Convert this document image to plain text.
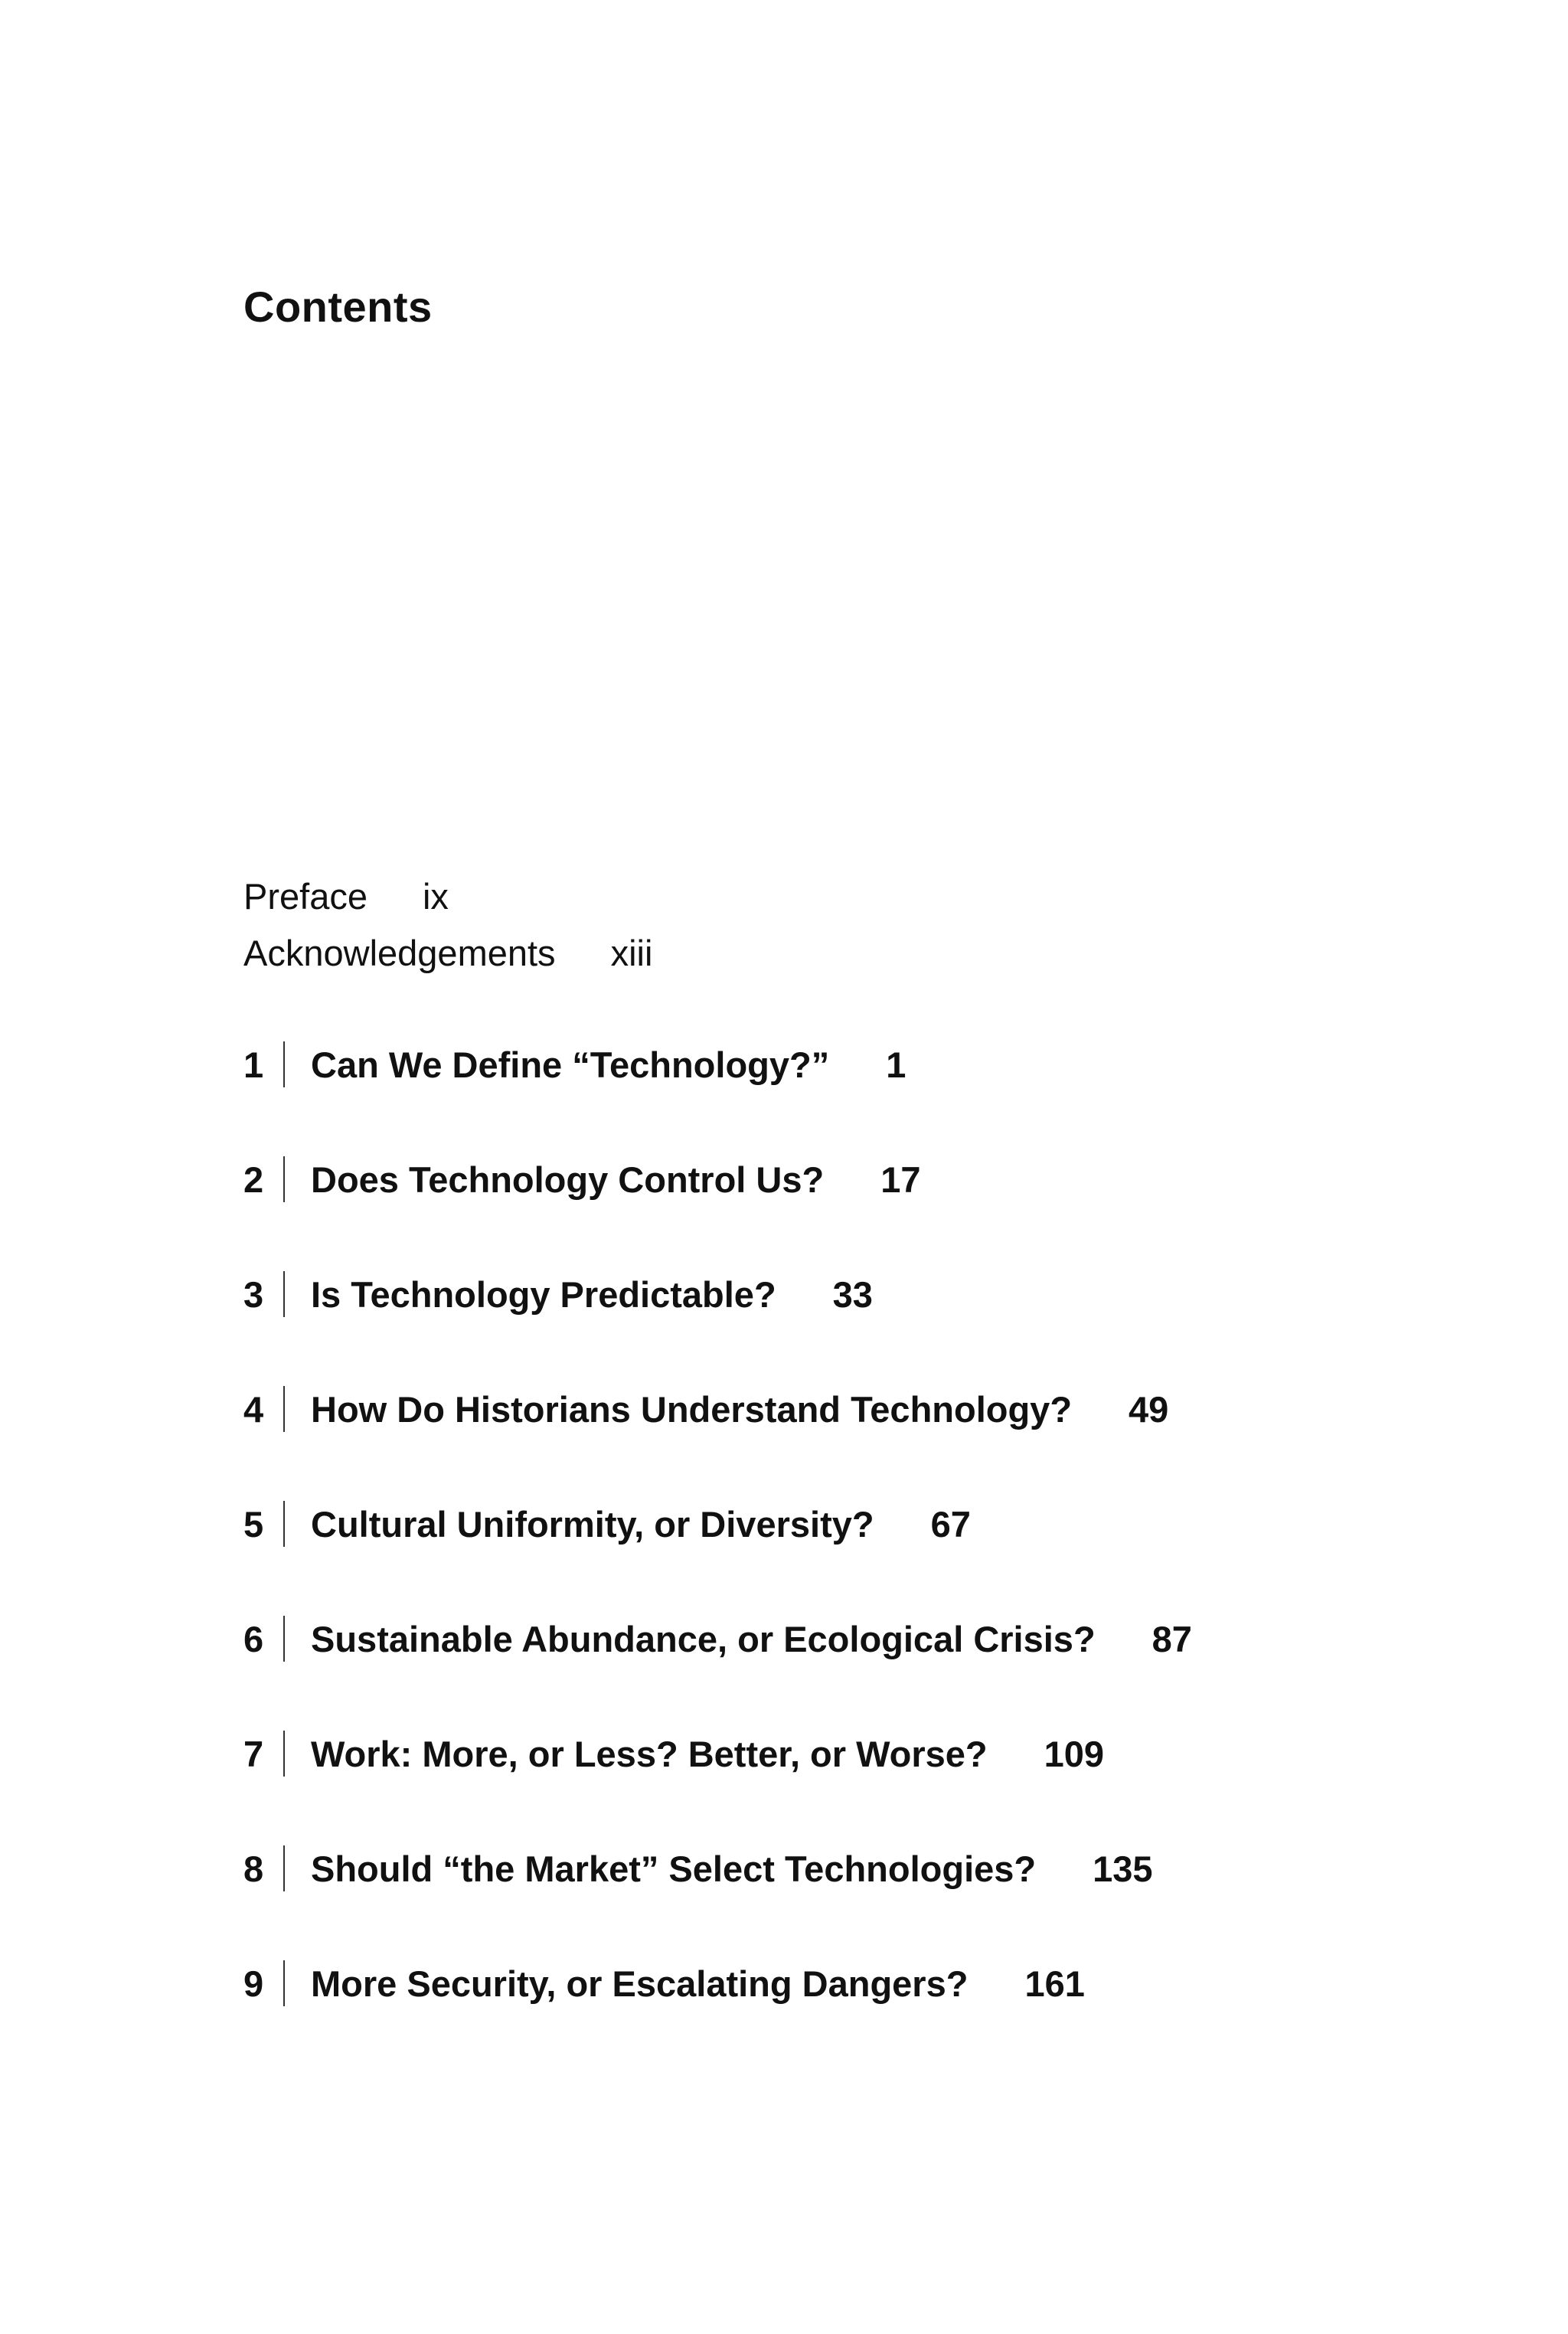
Contents
Preface ix
Acknowledgements xiii
1 Can We Define “Technology?” 1
2 Does Technology Control Us? 17
3 Is Technology Predictable? 33
4 How Do Historians Understand Technology? 49
5 Cultural Uniformity, or Diversity? 67
6 Sustainable Abundance, or Ecological Crisis? 87
7 Work: More, or Less? Better, or Worse? 109
8 Should “the Market” Select Technologies? 135
9 More Security, or Escalating Dangers? 161
